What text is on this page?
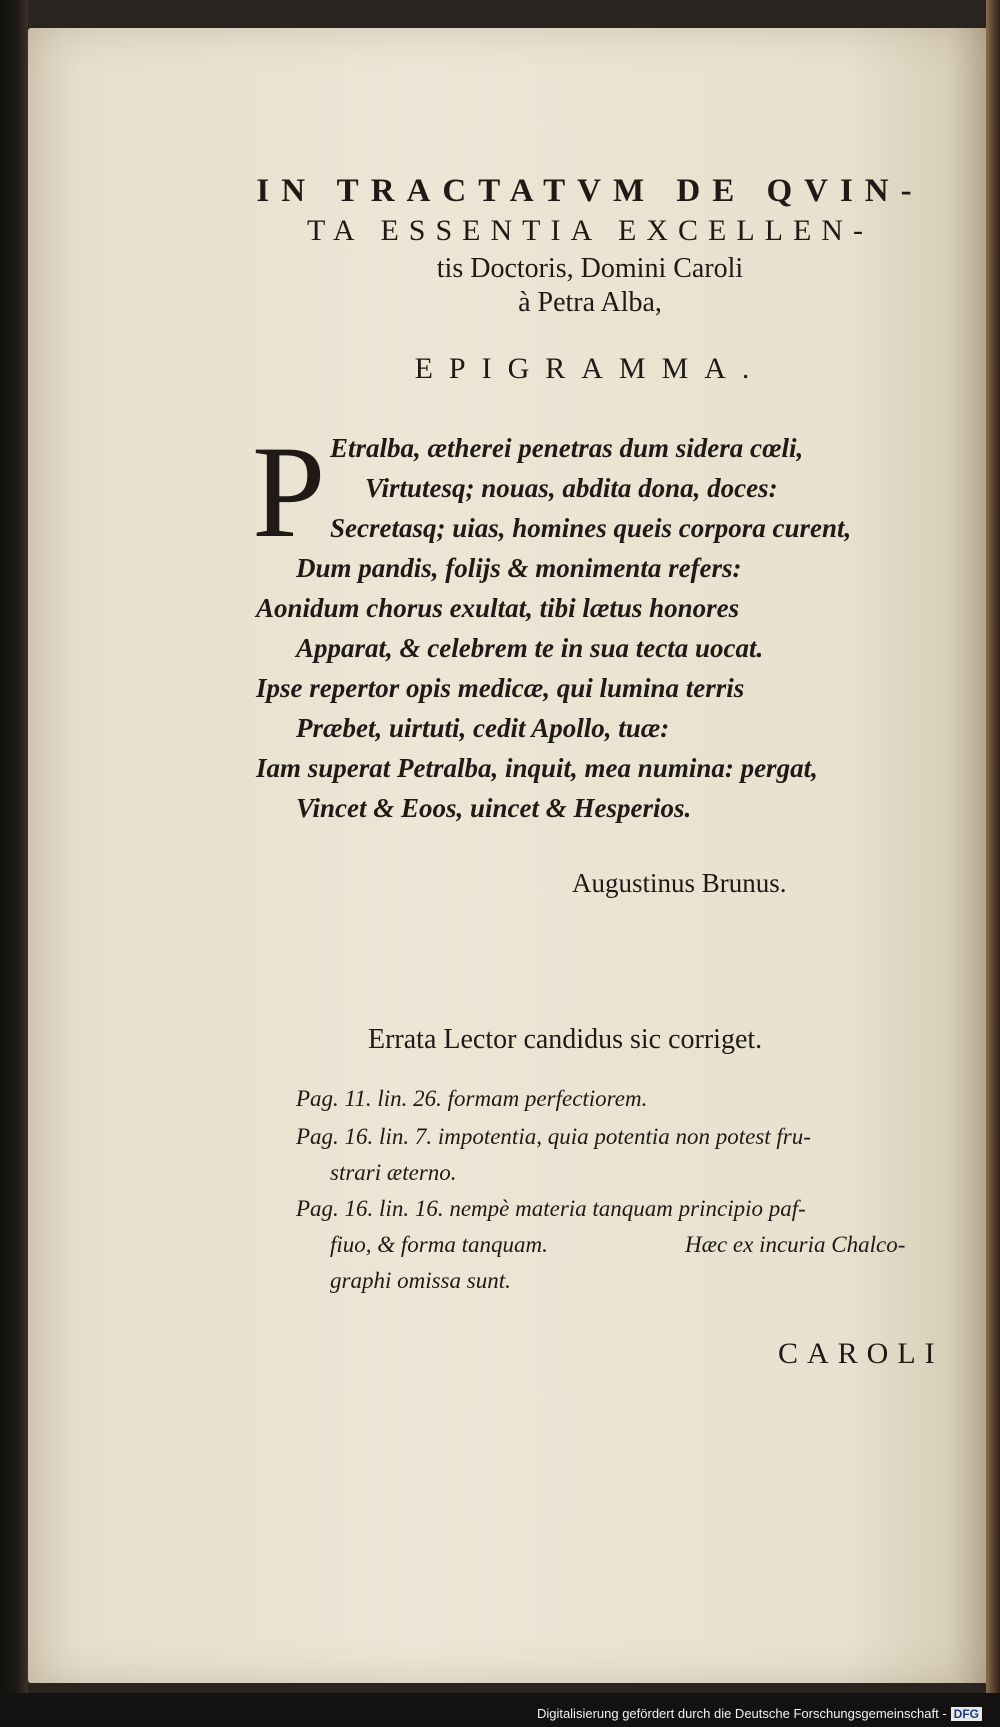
IN TRACTATVM DE QVIN-
TA ESSENTIA EXCELLEN-
tis Doctoris, Domini Caroli
à Petra Alba,
EPIGRAMMA.
P Etralba, ætherei penetras dum sidera cœli,
Virtutesq; nouas, abdita dona, doces:
Secretasq; uias, homines queis corpora curent,
Dum pandis, folijs & monimenta refers:
Aonidum chorus exultat, tibi lætus honores
Apparat, & celebrem te in sua tecta uocat.
Ipse repertor opis medicæ, qui lumina terris
Præbet, uirtuti, cedit Apollo, tuæ:
Iam superat Petralba, inquit, mea numina: pergat,
Vincet & Eoos, uincet & Hesperios.
Augustinus Brunus.
Errata Lector candidus sic corriget.
Pag. 11. lin. 26. formam perfectiorem.
Pag. 16. lin. 7. impotentia, quia potentia non potest fru-
strari æterno.
Pag. 16. lin. 16. nempè materia tanquam principio paf-
fiuo, & forma tanquam.	Hæc ex incuria Chalco-
graphi omissa sunt.
CAROLI
Digitalisierung gefördert durch die Deutsche Forschungsgemeinschaft - DFG
